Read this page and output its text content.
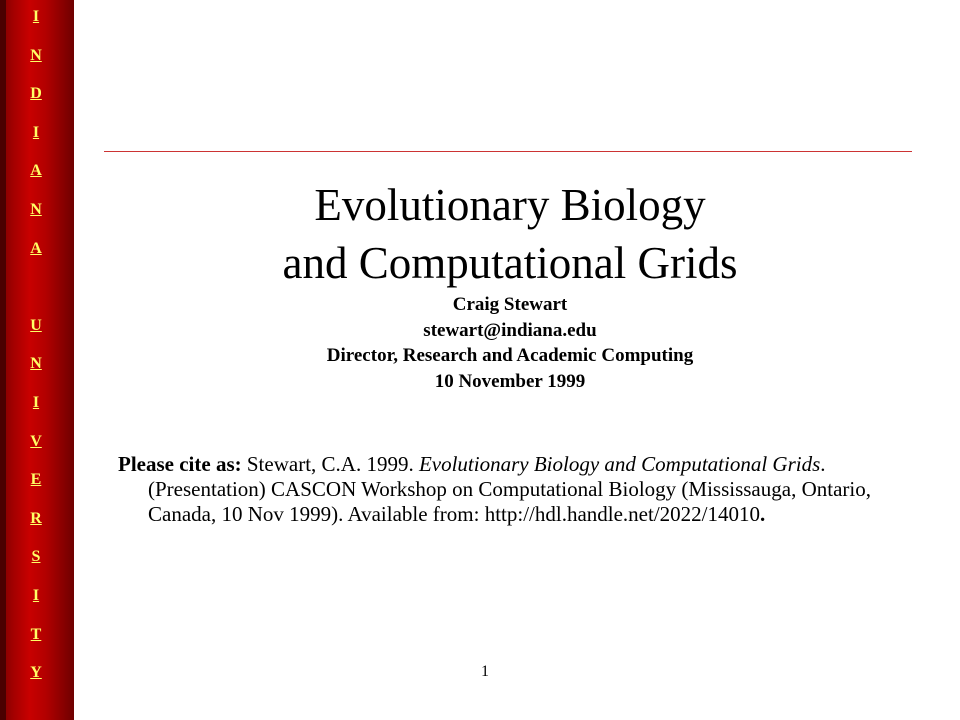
I
N
D
I
A
N
A
U
N
I
V
E
R
S
I
T
Y
Evolutionary Biology
and Computational Grids
Craig Stewart
stewart@indiana.edu
Director, Research and Academic Computing
10 November 1999
Please cite as: Stewart, C.A. 1999. Evolutionary Biology and Computational Grids. (Presentation) CASCON Workshop on Computational Biology (Mississauga, Ontario, Canada, 10 Nov 1999). Available from: http://hdl.handle.net/2022/14010.
1
